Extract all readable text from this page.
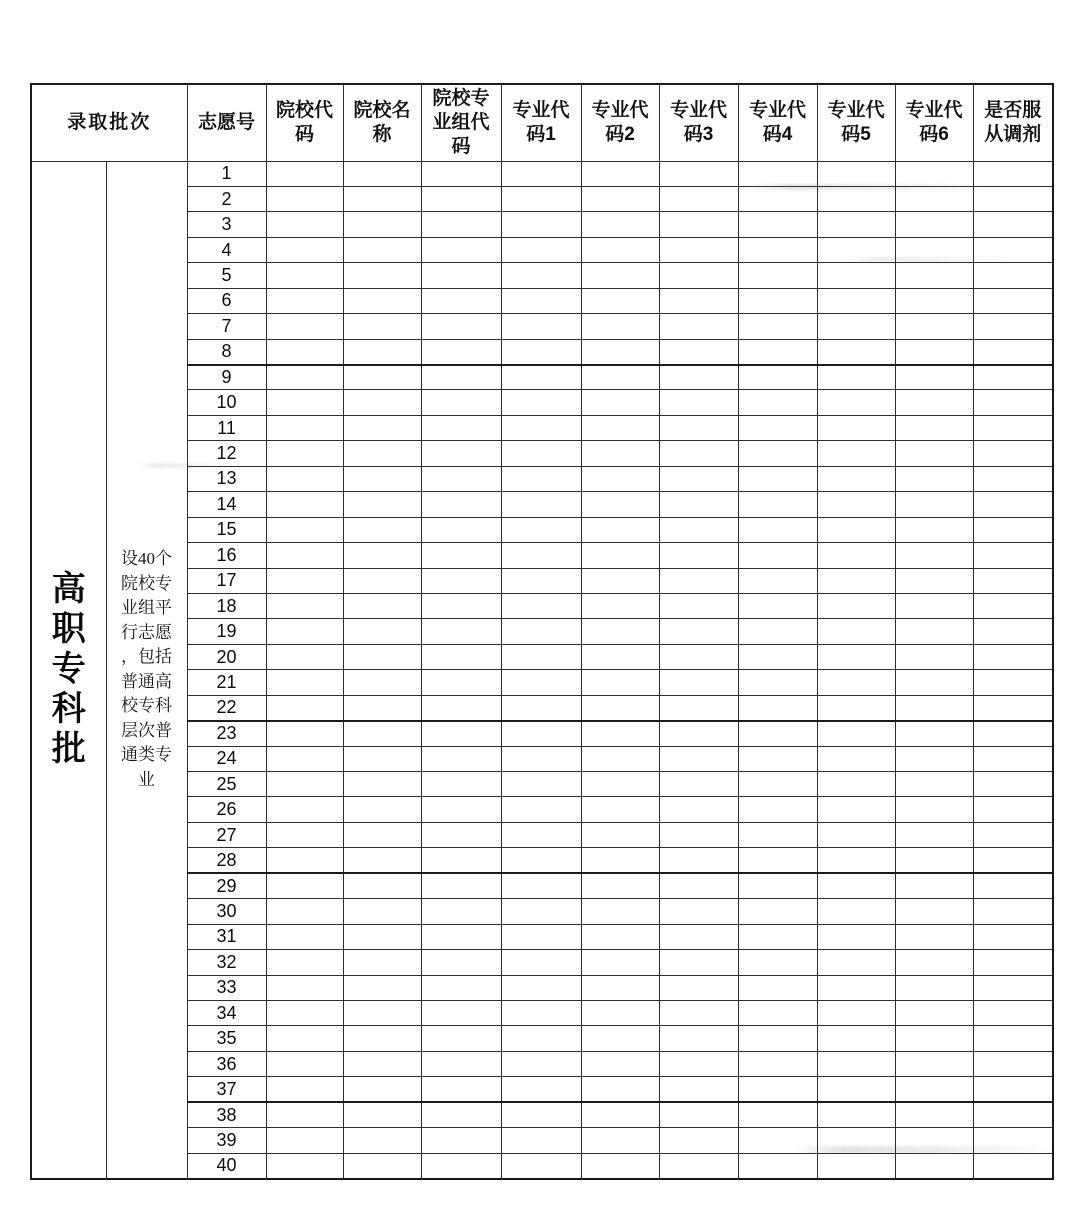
录取批次		志愿号	院校代码	院校名称	院校专业组代码	专业代码1	专业代码2	专业代码3	专业代码4	专业代码5	专业代码6	是否服从调剂

高职专科批	设40个院校专业组平行志愿，包括普通高校专科层次普通类专业	1										
		2										
		3										
		4										
		5										
		6										
		7										
		8										
		9										
		10										
		11										
		12										
		13										
		14										
		15										
		16										
		17										
		18										
		19										
		20										
		21										
		22										
		23										
		24										
		25										
		26										
		27										
		28										
		29										
		30										
		31										
		32										
		33										
		34										
		35										
		36										
		37										
		38										
		39										
		40										
